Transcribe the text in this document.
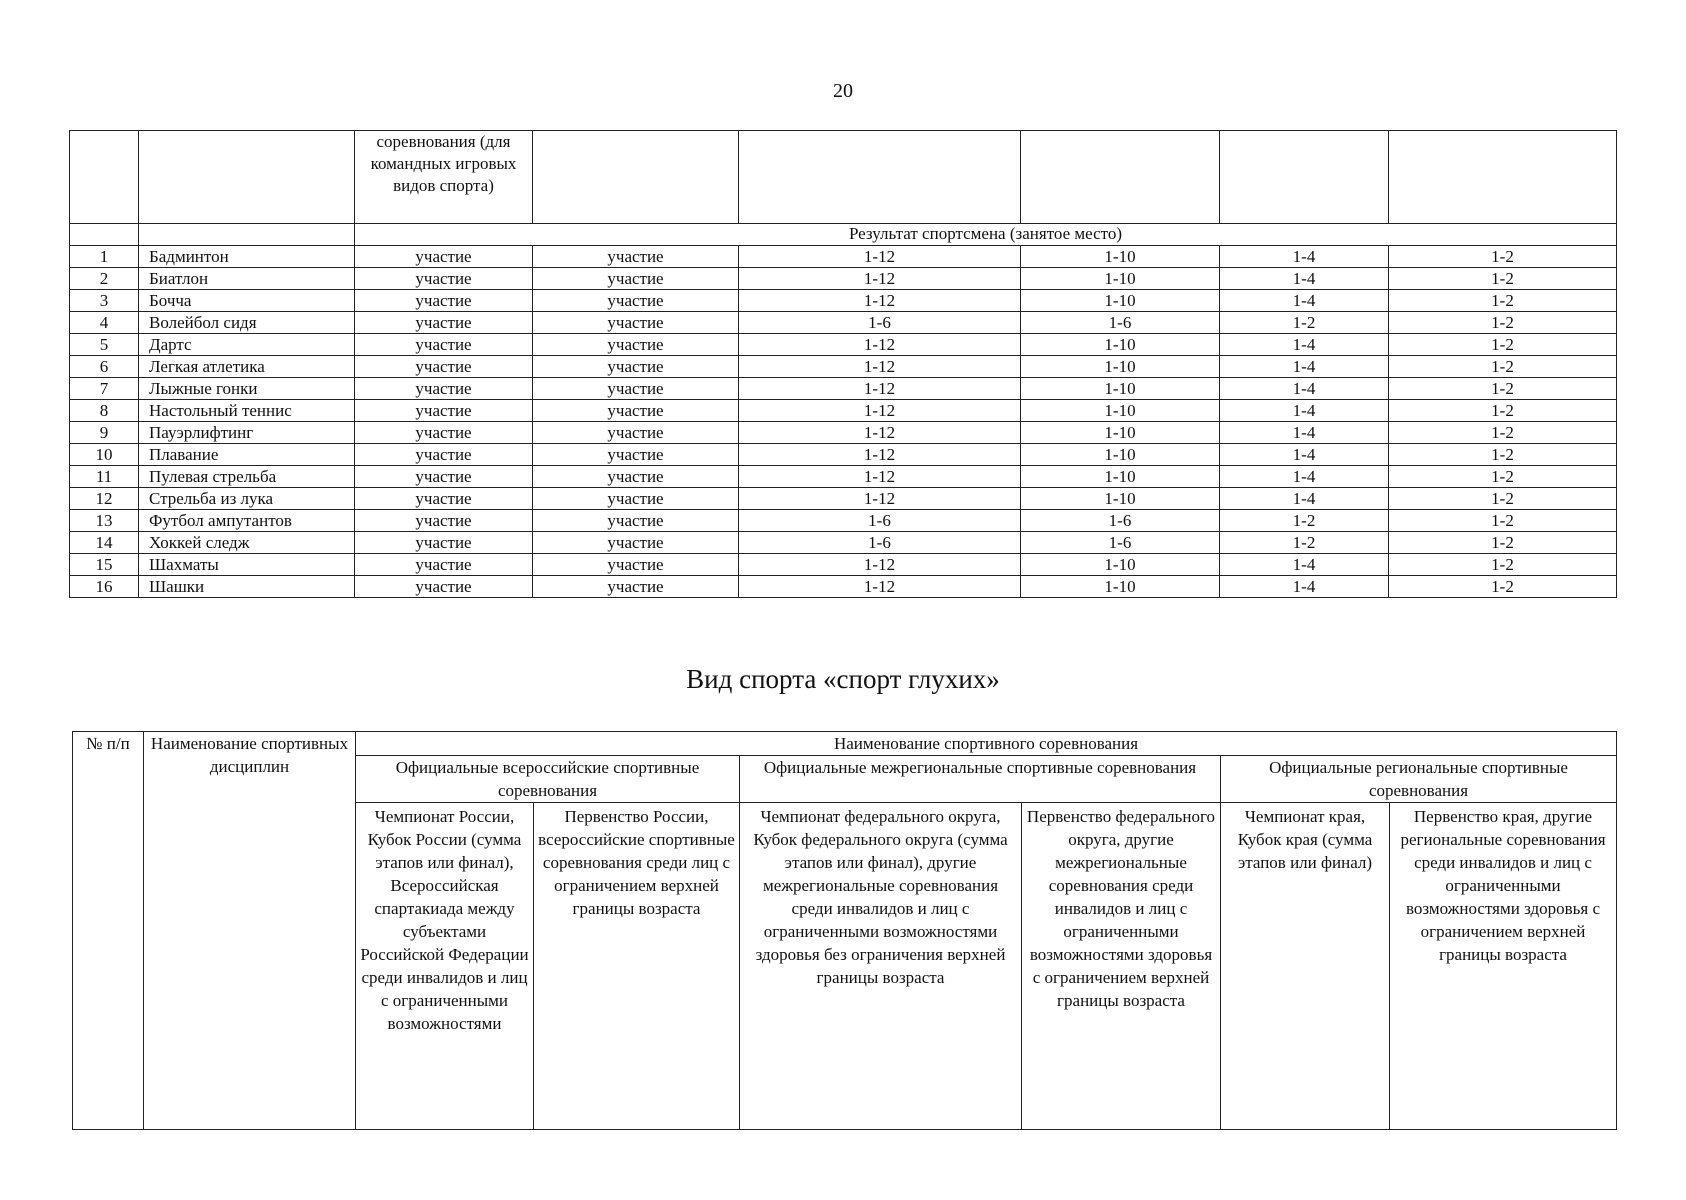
20
		соревнования (для командных игровых видов спорта)					
		Результат спортсмена (занятое место)					
1	Бадминтон	участие	участие	1-12	1-10	1-4	1-2
2	Биатлон	участие	участие	1-12	1-10	1-4	1-2
3	Бочча	участие	участие	1-12	1-10	1-4	1-2
4	Волейбол сидя	участие	участие	1-6	1-6	1-2	1-2
5	Дартс	участие	участие	1-12	1-10	1-4	1-2
6	Легкая атлетика	участие	участие	1-12	1-10	1-4	1-2
7	Лыжные гонки	участие	участие	1-12	1-10	1-4	1-2
8	Настольный теннис	участие	участие	1-12	1-10	1-4	1-2
9	Пауэрлифтинг	участие	участие	1-12	1-10	1-4	1-2
10	Плавание	участие	участие	1-12	1-10	1-4	1-2
11	Пулевая стрельба	участие	участие	1-12	1-10	1-4	1-2
12	Стрельба из лука	участие	участие	1-12	1-10	1-4	1-2
13	Футбол ампутантов	участие	участие	1-6	1-6	1-2	1-2
14	Хоккей следж	участие	участие	1-6	1-6	1-2	1-2
15	Шахматы	участие	участие	1-12	1-10	1-4	1-2
16	Шашки	участие	участие	1-12	1-10	1-4	1-2
Вид спорта «спорт глухих»
№ п/п	Наименование спортивных дисциплин	Наименование спортивного соревнования					
		Официальные всероссийские спортивные соревнования		Официальные межрегиональные спортивные соревнования		Официальные региональные спортивные соревнования	
		Чемпионат России, Кубок России (сумма этапов или финал), Всероссийская спартакиада между субъектами Российской Федерации среди инвалидов и лиц с ограниченными возможностями	Первенство России, всероссийские спортивные соревнования среди лиц с ограничением верхней границы возраста	Чемпионат федерального округа, Кубок федерального округа (сумма этапов или финал), другие межрегиональные соревнования среди инвалидов и лиц с ограниченными возможностями здоровья без ограничения верхней границы возраста	Первенство федерального округа, другие межрегиональные соревнования среди инвалидов и лиц с ограниченными возможностями здоровья с ограничением верхней границы возраста	Чемпионат края, Кубок края (сумма этапов или финал)	Первенство края, другие региональные соревнования среди инвалидов и лиц с ограниченными возможностями здоровья с ограничением верхней границы возраста
